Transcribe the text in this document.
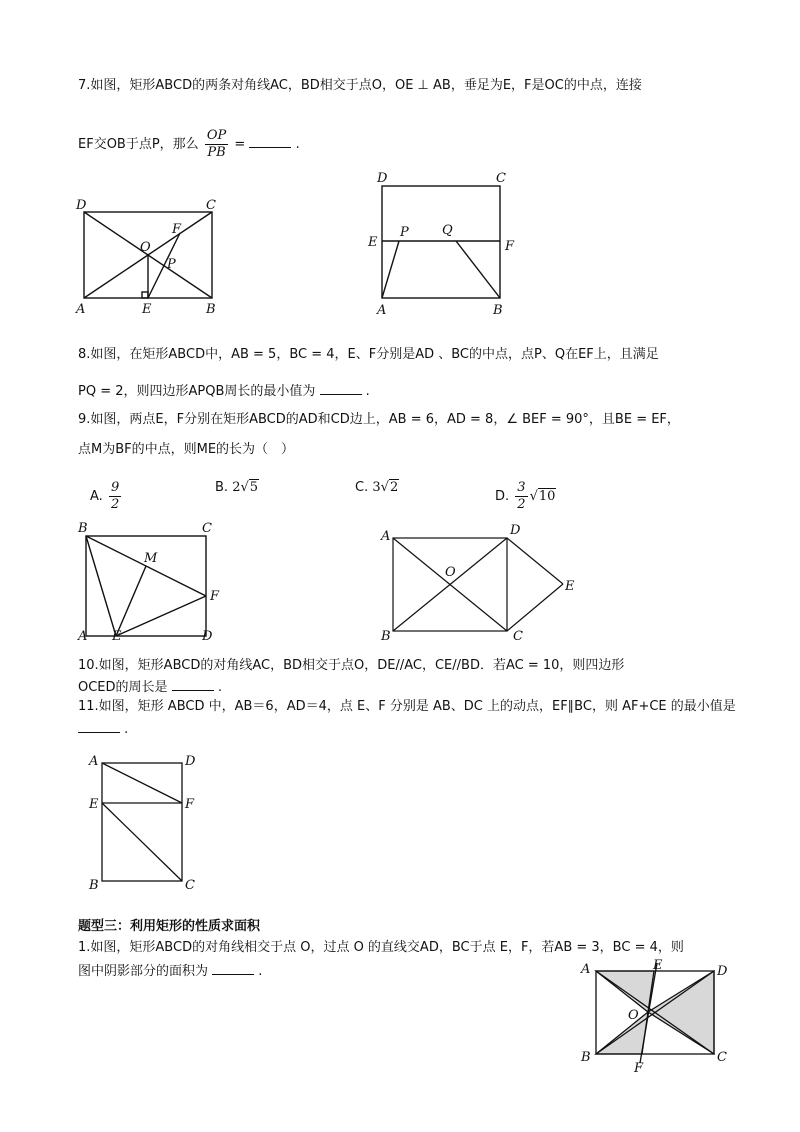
7.如图，矩形ABCD的两条对角线AC，BD相交于点O，OE ⊥ AB，垂足为E，F是OC的中点，连接
EF交OB于点P，那么 $\frac{OP}{PB}$ =	.
D	C
O
F
P
A	E	B
D	C
E
P	Q
F
A	B
8.如图，在矩形ABCD中，AB = 5，BC = 4，E、F分别是AD 、BC的中点，点P、Q在EF上，且满足
PQ = 2，则四边形APQB周长的最小值为	.
9.如图，两点E，F分别在矩形ABCD的AD和CD边上，AB = 6，AD = 8，∠ BEF = 90°，且BE = EF，
点M为BF的中点，则ME的长为（　）
A. $\frac{9}{2}$	B. 2√5	C. 3√2
D. $\frac{3}{2} √10$
B	C
M
F
A E	D
A	D
O
E
B	C
10.如图，矩形ABCD的对角线AC，BD相交于点O，DE//AC，CE//BD．若AC = 10，则四边形
OCED的周长是	.
11.如图，矩形 ABCD 中，AB＝6，AD＝4，点 E、F 分别是 AB、DC 上的动点，EF∥BC，则 AF+CE 的最小值是
.
A	D
E	F
B	C
题型三：利用矩形的性质求面积
1.如图，矩形ABCD的对角线相交于点 O，过点 O 的直线交AD，BC于点 E，F，若AB = 3，BC = 4，则
图中阴影部分的面积为	.	A	E	D
O
B
F
C
